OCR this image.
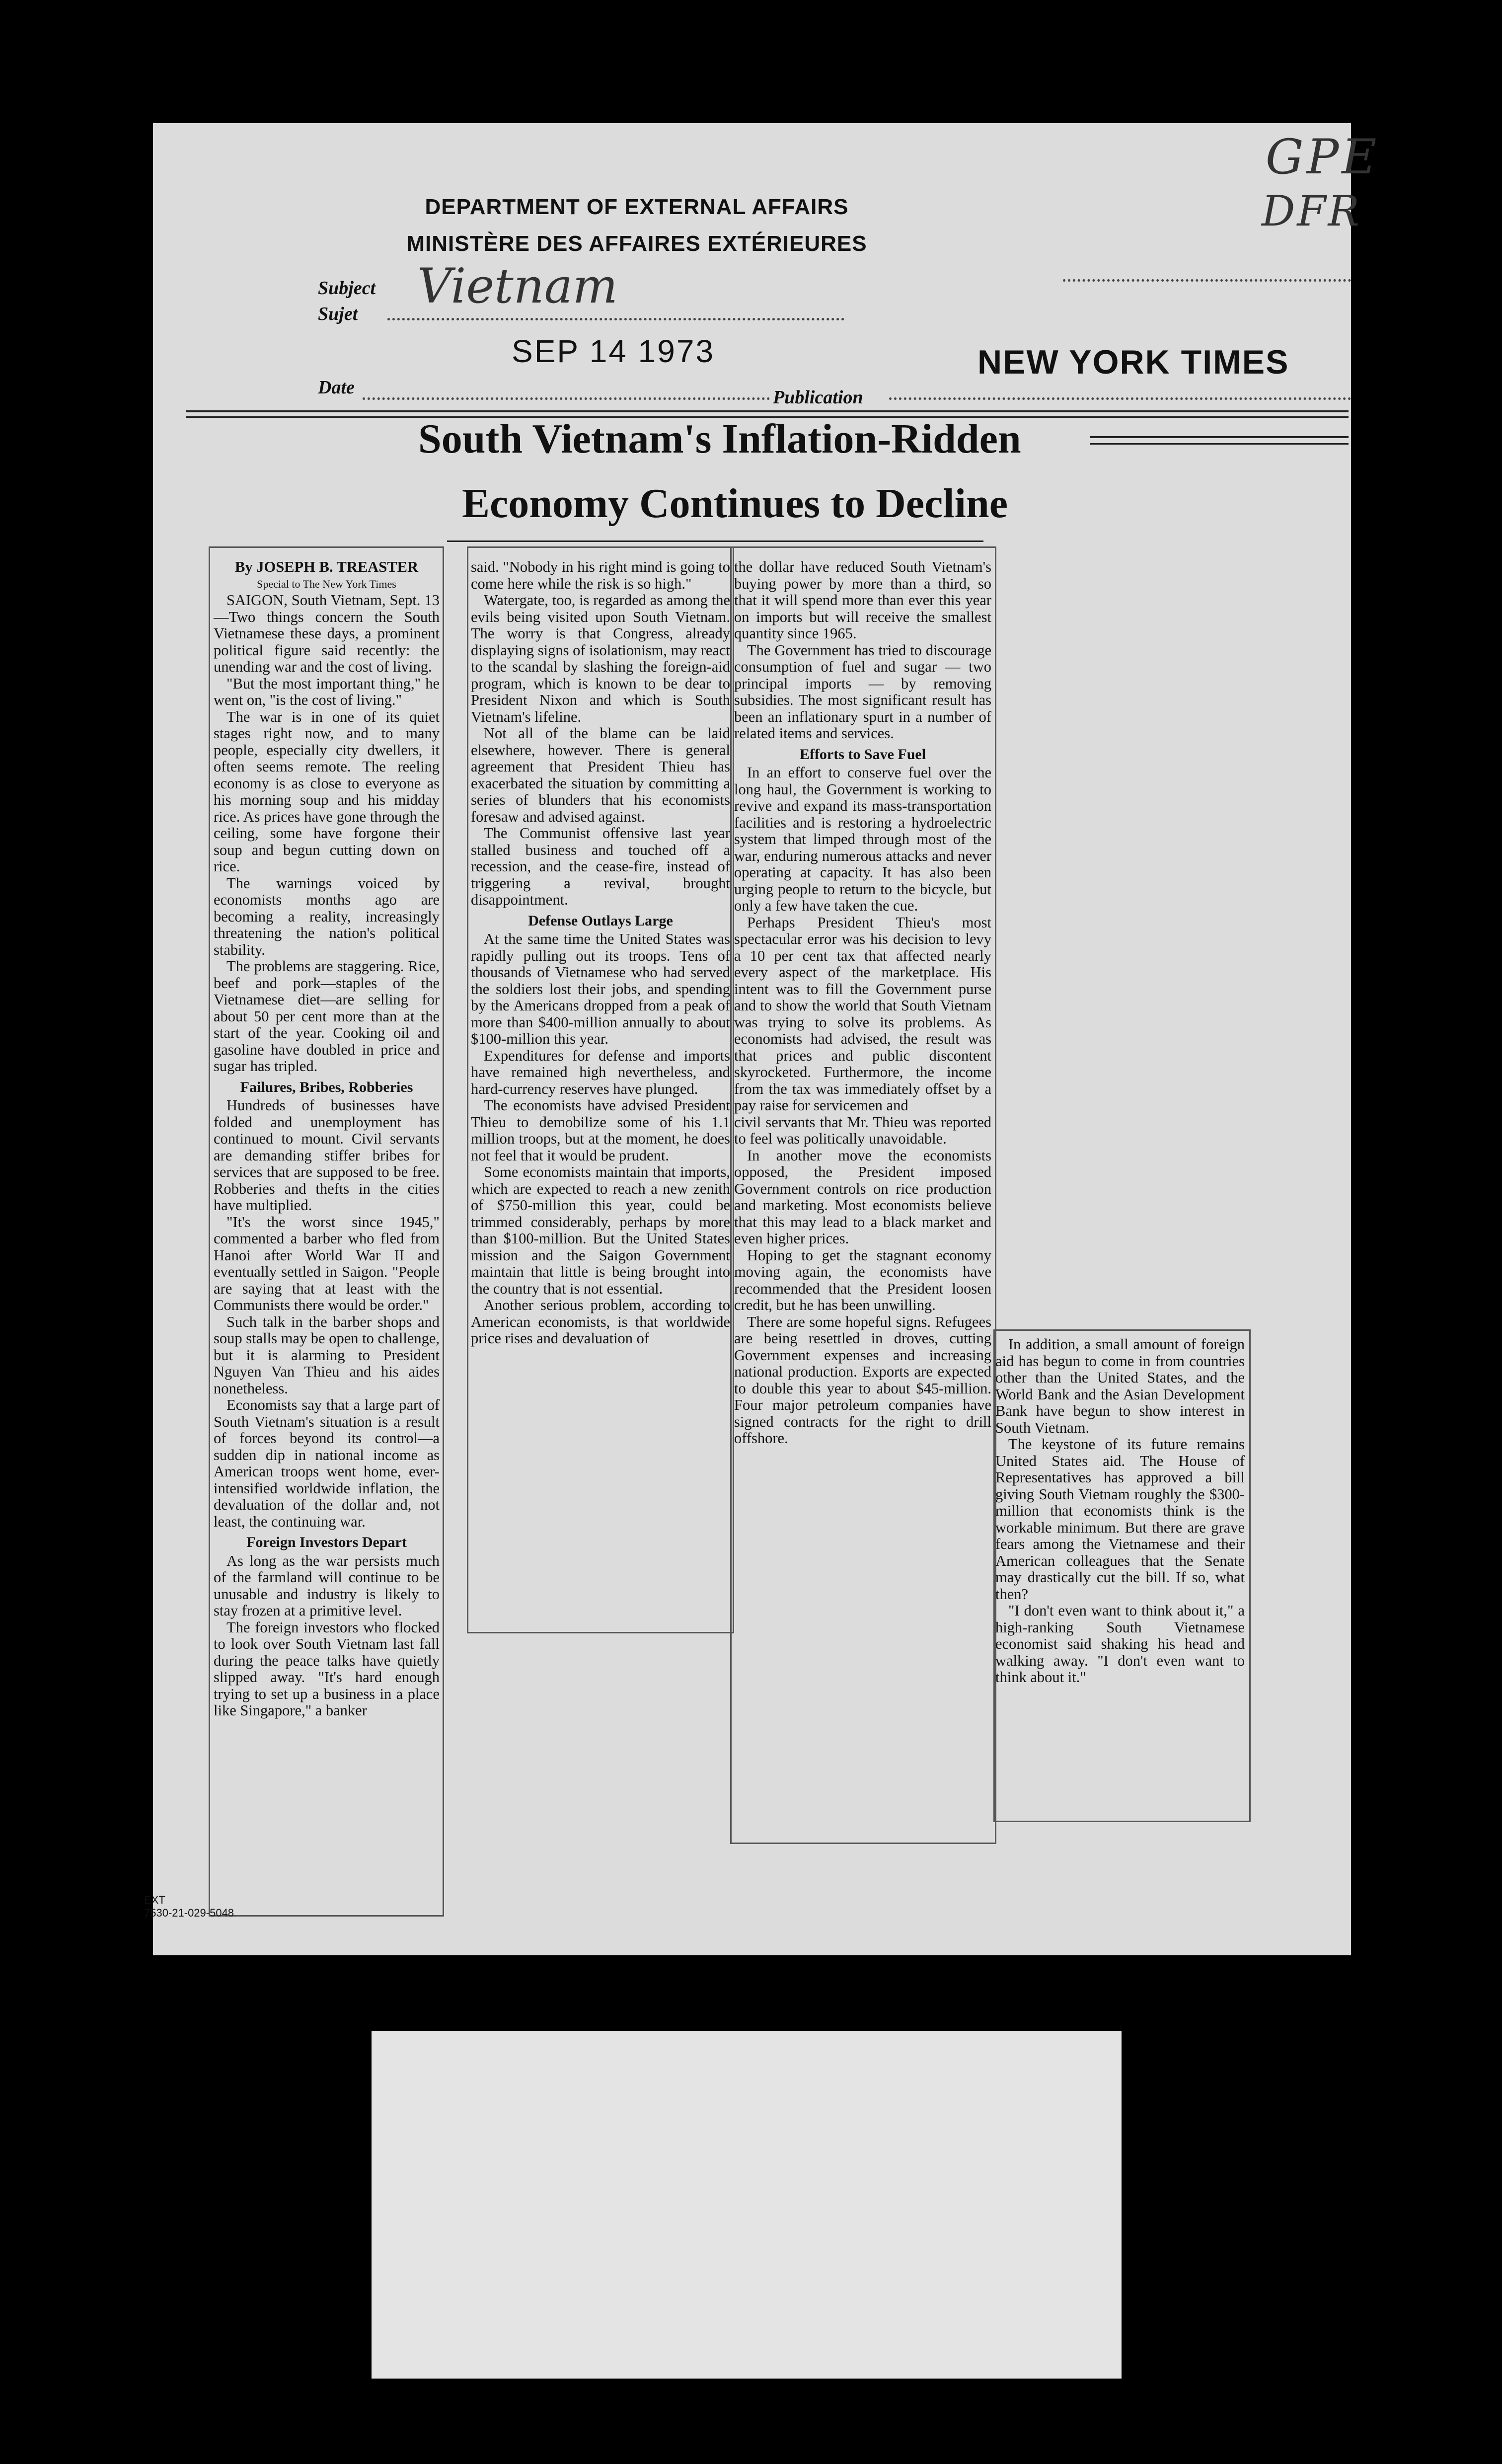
GPE
DFR
DEPARTMENT OF EXTERNAL AFFAIRS
MINISTÈRE DES AFFAIRES EXTÉRIEURES
Subject
Sujet Vietnam
SEP 14 1973	NEW YORK TIMES
Date	Publication
South Vietnam's Inflation-Ridden
Economy Continues to Decline

By JOSEPH B. TREASTER

Special to The New York Times

SAIGON, South Vietnam, Sept. 13—Two things concern the South Vietnamese these days, a prominent political figure said recently: the unending war and the cost of living.

"But the most important thing," he went on, "is the cost of living."

The war is in one of its quiet stages right now, and to many people, especially city dwellers, it often seems remote. The reeling economy is as close to everyone as his morning soup and his midday rice. As prices have gone through the ceiling, some have forgone their soup and begun cutting down on rice.

The warnings voiced by economists months ago are becoming a reality, increasingly threatening the nation's political stability.

The problems are staggering. Rice, beef and pork—staples of the Vietnamese diet—are selling for about 50 per cent more than at the start of the year. Cooking oil and gasoline have doubled in price and sugar has tripled.

Failures, Bribes, Robberies

Hundreds of businesses have folded and unemployment has continued to mount. Civil servants are demanding stiffer bribes for services that are supposed to be free. Robberies and thefts in the cities have multiplied.

"It's the worst since 1945," commented a barber who fled from Hanoi after World War II and eventually settled in Saigon. "People are saying that at least with the Communists there would be order."

Such talk in the barber shops and soup stalls may be open to challenge, but it is alarming to President Nguyen Van Thieu and his aides nonetheless.

Economists say that a large part of South Vietnam's situation is a result of forces beyond its control—a sudden dip in national income as American troops went home, ever-intensified worldwide inflation, the devaluation of the dollar and, not least, the continuing war.

Foreign Investors Depart

As long as the war persists much of the farmland will continue to be unusable and industry is likely to stay frozen at a primitive level.

The foreign investors who flocked to look over South Vietnam last fall during the peace talks have quietly slipped away. "It's hard enough trying to set up a business in a place like Singapore," a banker

said. "Nobody in his right mind is going to come here while the risk is so high."

Watergate, too, is regarded as among the evils being visited upon South Vietnam. The worry is that Congress, already displaying signs of isolationism, may react to the scandal by slashing the foreign-aid program, which is known to be dear to President Nixon and which is South Vietnam's lifeline.

Not all of the blame can be laid elsewhere, however. There is general agreement that President Thieu has exacerbated the situation by committing a series of blunders that his economists foresaw and advised against.

The Communist offensive last year stalled business and touched off a recession, and the cease-fire, instead of triggering a revival, brought disappointment.

Defense Outlays Large

At the same time the United States was rapidly pulling out its troops. Tens of thousands of Vietnamese who had served the soldiers lost their jobs, and spending by the Americans dropped from a peak of more than $400-million annually to about $100-million this year.

Expenditures for defense and imports have remained high nevertheless, and hard-currency reserves have plunged.

The economists have advised President Thieu to demobilize some of his 1.1 million troops, but at the moment, he does not feel that it would be prudent.

Some economists maintain that imports, which are expected to reach a new zenith of $750-million this year, could be trimmed considerably, perhaps by more than $100-million. But the United States mission and the Saigon Government maintain that little is being brought into the country that is not essential.

Another serious problem, according to American economists, is that worldwide price rises and devaluation of

the dollar have reduced South Vietnam's buying power by more than a third, so that it will spend more than ever this year on imports but will receive the smallest quantity since 1965.

The Government has tried to discourage consumption of fuel and sugar — two principal imports — by removing subsidies. The most significant result has been an inflationary spurt in a number of related items and services.

Efforts to Save Fuel

In an effort to conserve fuel over the long haul, the Government is working to revive and expand its mass-transportation facilities and is restoring a hydroelectric system that limped through most of the war, enduring numerous attacks and never operating at capacity. It has also been urging people to return to the bicycle, but only a few have taken the cue.

Perhaps President Thieu's most spectacular error was his decision to levy a 10 per cent tax that affected nearly every aspect of the marketplace. His intent was to fill the Government purse and to show the world that South Vietnam was trying to solve its problems. As economists had advised, the result was that prices and public discontent skyrocketed. Furthermore, the income from the tax was immediately offset by a pay raise for servicemen and

civil servants that Mr. Thieu was reported to feel was politically unavoidable.

In another move the economists opposed, the President imposed Government controls on rice production and marketing. Most economists believe that this may lead to a black market and even higher prices.

Hoping to get the stagnant economy moving again, the economists have recommended that the President loosen credit, but he has been unwilling.

There are some hopeful signs. Refugees are being resettled in droves, cutting Government expenses and increasing national production. Exports are expected to double this year to about $45-million. Four major petroleum companies have signed contracts for the right to drill offshore.

In addition, a small amount of foreign aid has begun to come in from countries other than the United States, and the World Bank and the Asian Development Bank have begun to show interest in South Vietnam.

The keystone of its future remains United States aid. The House of Representatives has approved a bill giving South Vietnam roughly the $300-million that economists think is the workable minimum. But there are grave fears among the Vietnamese and their American colleagues that the Senate may drastically cut the bill. If so, what then?

"I don't even want to think about it," a high-ranking South Vietnamese economist said shaking his head and walking away. "I don't even want to think about it."

EXT
7530-21-029-5048
